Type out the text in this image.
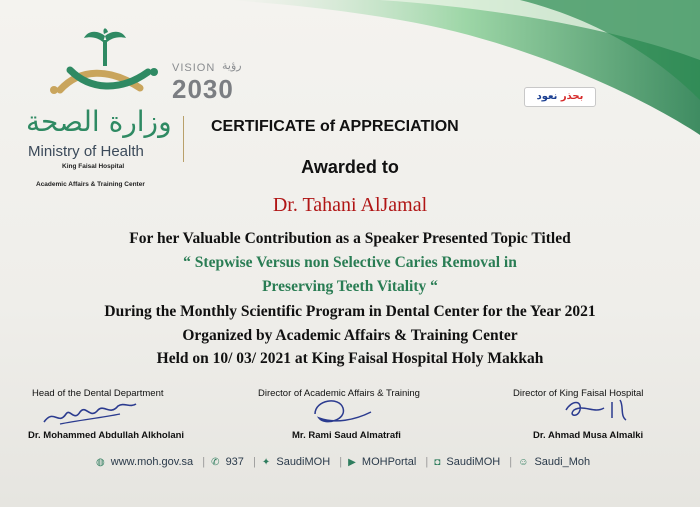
وزارة الصحة
Ministry of Health
King Faisal Hospital
Academic Affairs & Training Center
VISION رؤية
2030	بحذر نعود
CERTIFICATE of APPRECIATION
Awarded to
Dr. Tahani AlJamal
For her Valuable Contribution as a Speaker Presented Topic Titled
“ Stepwise Versus non Selective Caries Removal in
Preserving Teeth Vitality “
During the Monthly Scientific Program in Dental Center for the Year 2021
Organized by Academic Affairs & Training Center
Held on 10/ 03/ 2021 at King Faisal Hospital Holy Makkah
Head of the Dental Department	Director of Academic Affairs & Training	Director of King Faisal Hospital
Dr. Mohammed Abdullah Alkholani	Mr. Rami Saud Almatrafi	Dr. Ahmad Musa Almalki
◍ www.moh.gov.sa | ✆ 937 | ✦ SaudiMOH | ▶ MOHPortal | ◘ SaudiMOH | ☺ Saudi_Moh
